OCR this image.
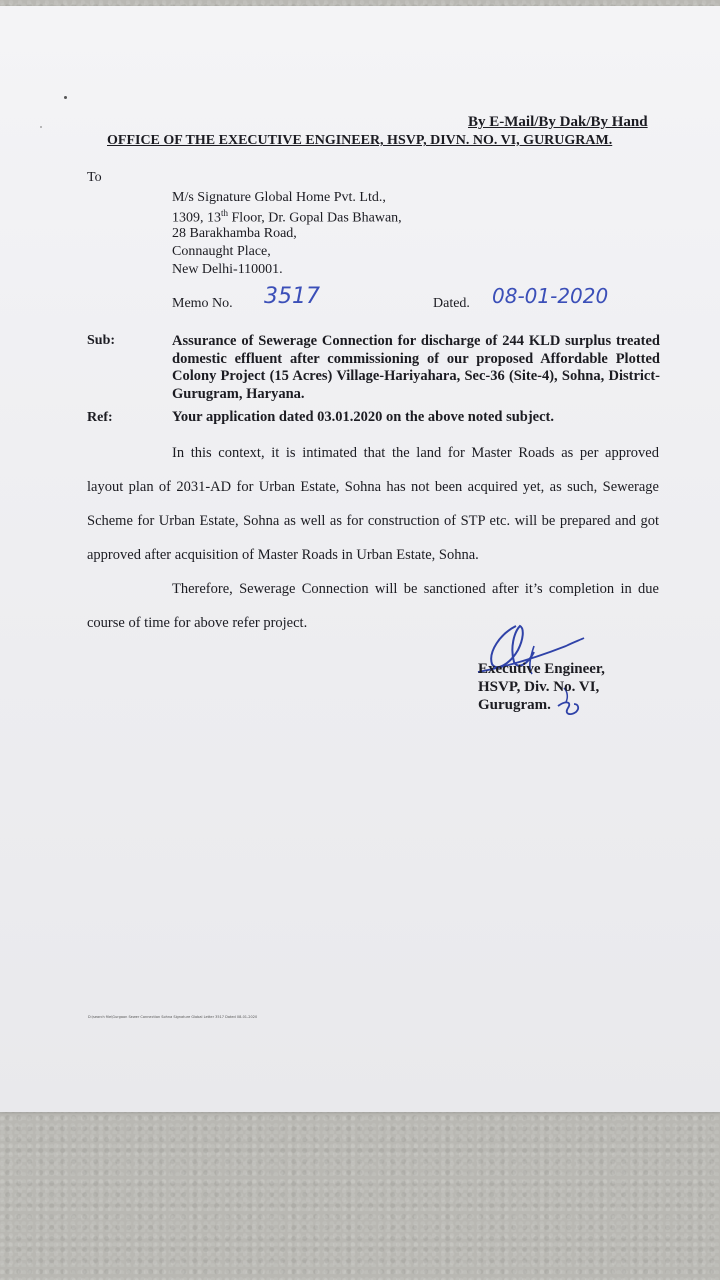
By E-Mail/By Dak/By Hand
OFFICE OF THE EXECUTIVE ENGINEER, HSVP, DIVN. NO. VI, GURUGRAM.
To
M/s Signature Global Home Pvt. Ltd.,
1309, 13th Floor, Dr. Gopal Das Bhawan,
28 Barakhamba Road,
Connaught Place,
New Delhi-110001.
Memo No. 3517	Dated. 08-01-2020
Sub:	Assurance of Sewerage Connection for discharge of 244 KLD surplus treated domestic effluent after commissioning of our proposed Affordable Plotted Colony Project (15 Acres) Village-Hariyahara, Sec-36 (Site-4), Sohna, District- Gurugram, Haryana.
Ref:	Your application dated 03.01.2020 on the above noted subject.
In this context, it is intimated that the land for Master Roads as per approved
layout plan of 2031-AD for Urban Estate, Sohna has not been acquired yet, as such, Sewerage
Scheme for Urban Estate, Sohna as well as for construction of STP etc. will be prepared and got
approved after acquisition of Master Roads in Urban Estate, Sohna.
Therefore, Sewerage Connection will be sanctioned after it’s completion in due
course of time for above refer project.
Executive Engineer,
HSVP, Div. No. VI,
Gurugram.
D:\search file\Gurgaon Sewer Connection Sohna Signature Global Letter 3517 Dated 08-01-2020
